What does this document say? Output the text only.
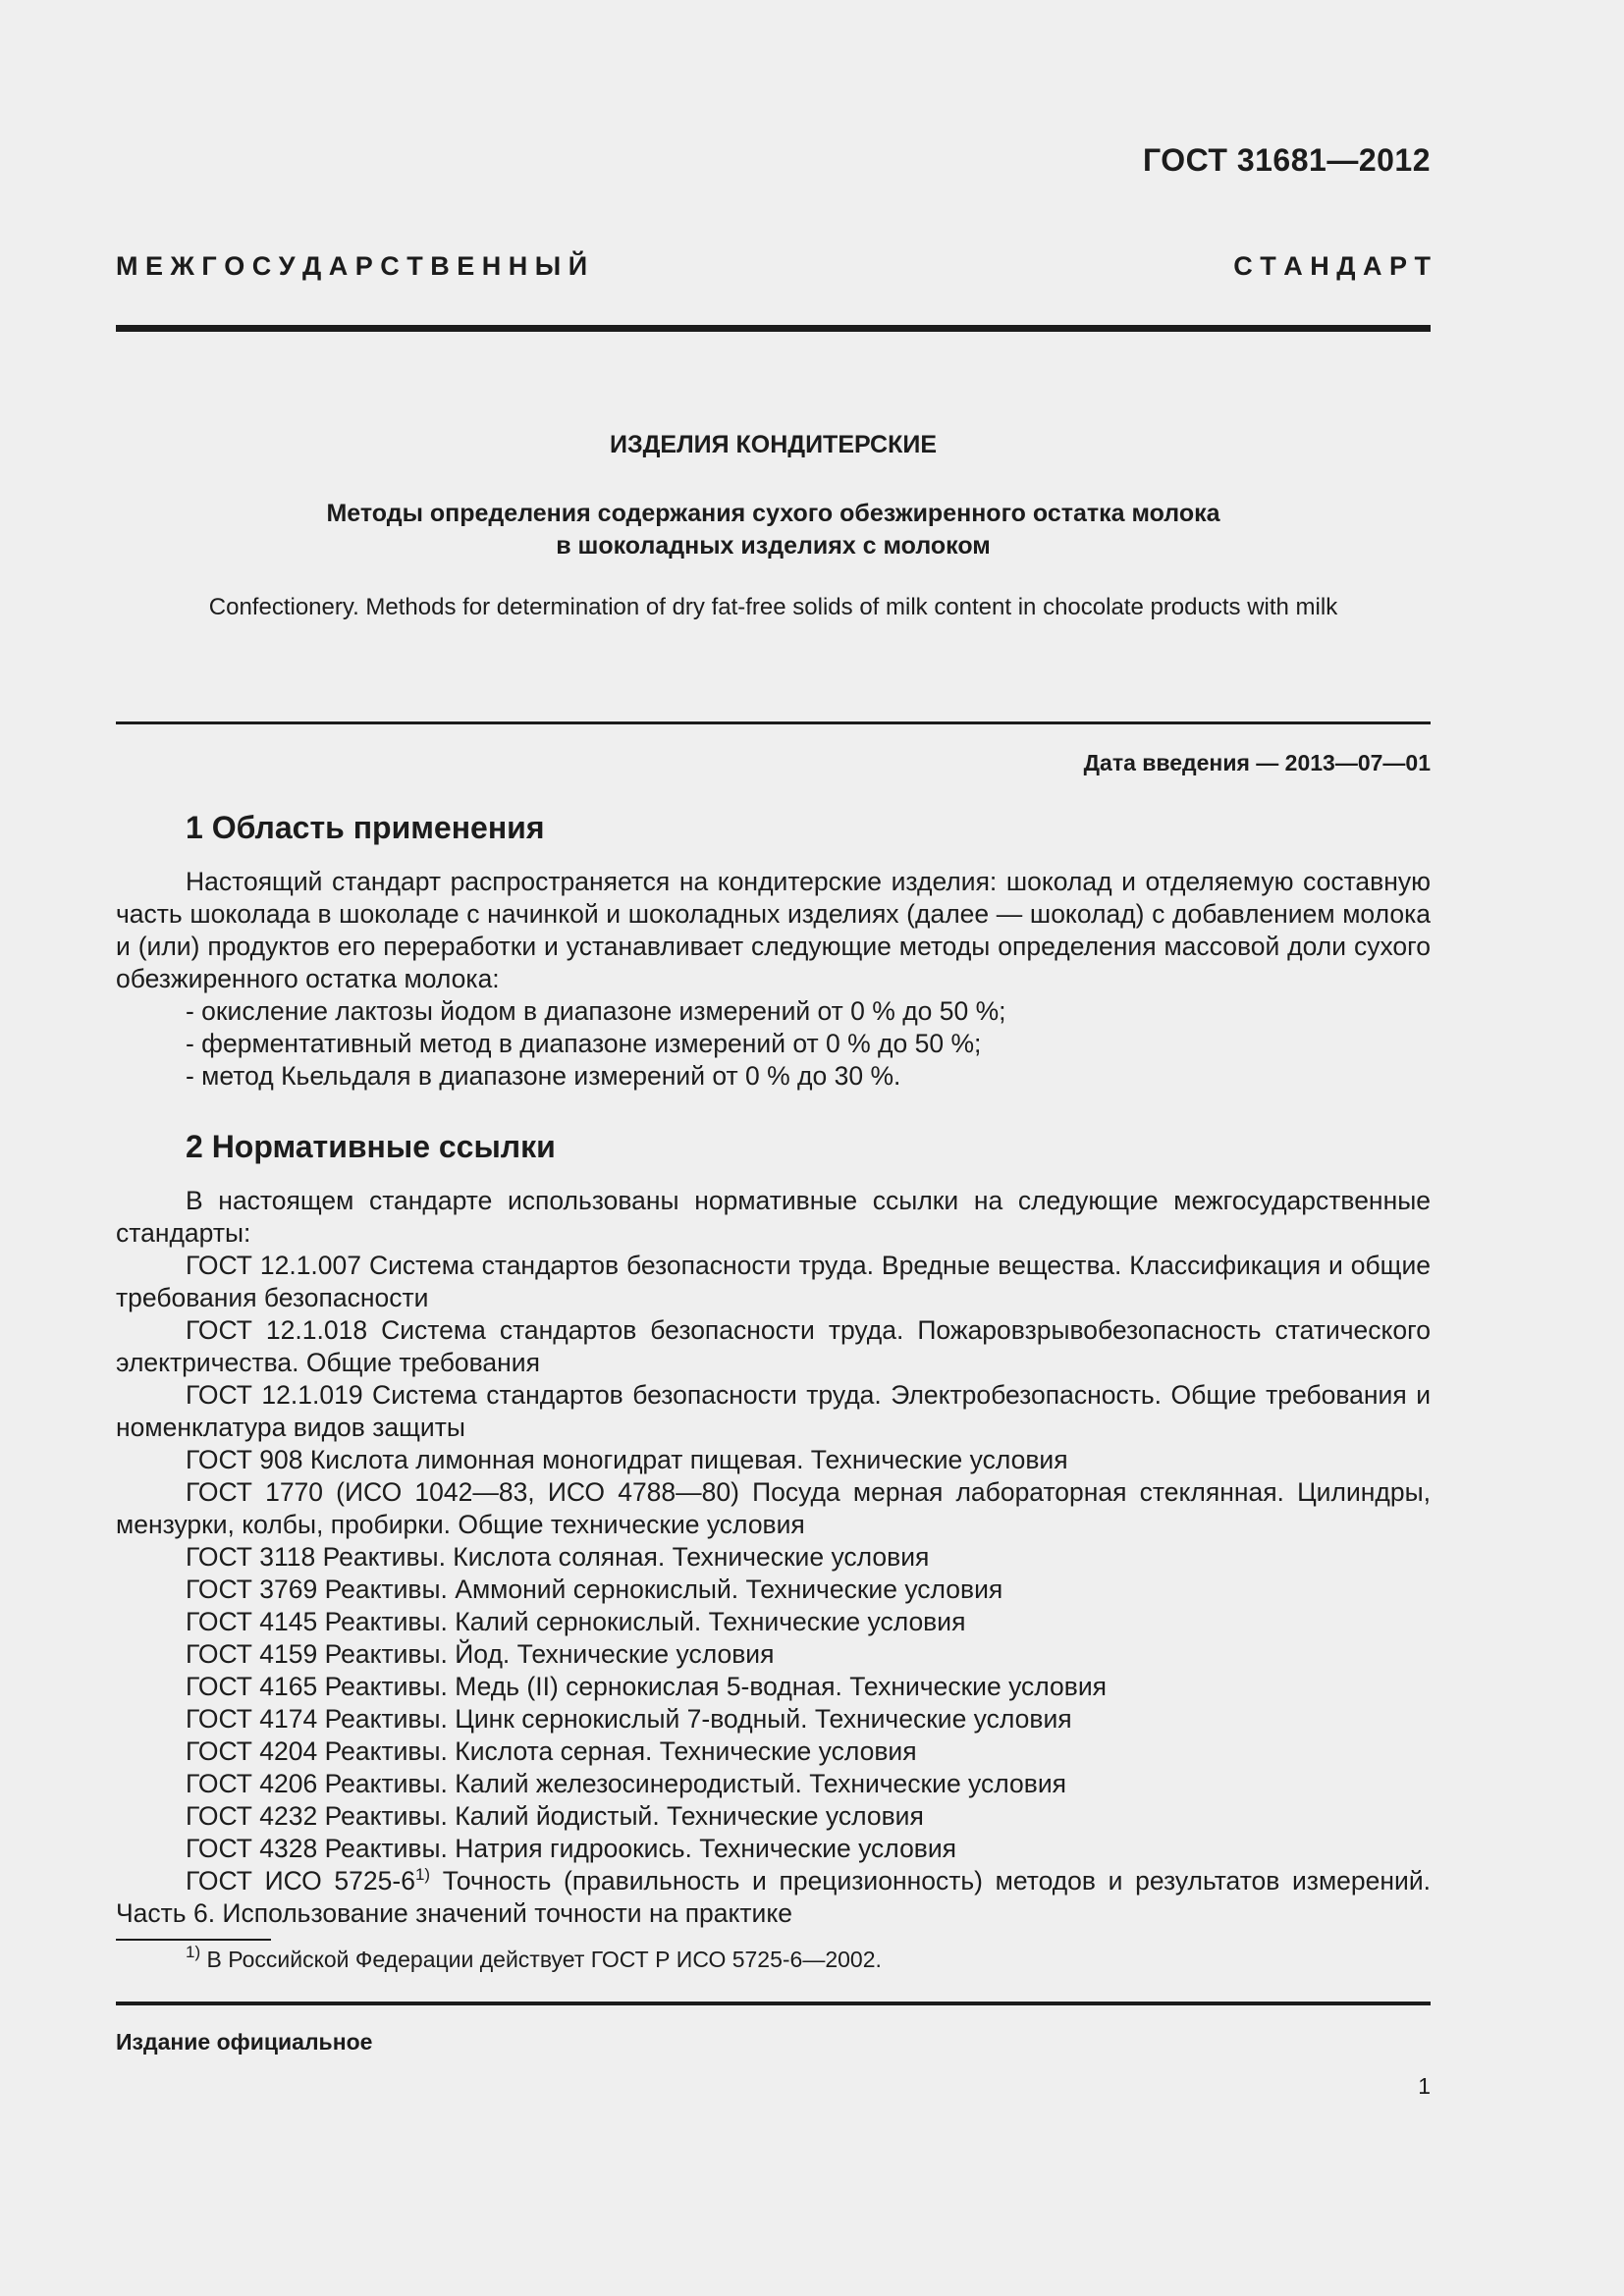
ГОСТ 31681—2012
М Е Ж Г О С У Д А Р С Т В Е Н Н Ы Й	С Т А Н Д А Р Т
ИЗДЕЛИЯ КОНДИТЕРСКИЕ
Методы определения содержания сухого обезжиренного остатка молока
в шоколадных изделиях с молоком
Confectionery. Methods for determination of dry fat-free solids of milk content in chocolate products with milk
Дата введения — 2013—07—01
1 Область применения

Настоящий стандарт распространяется на кондитерские изделия: шоколад и отделяемую составную часть шоколада в шоколаде с начинкой и шоколадных изделиях (далее — шоколад) с добавлением молока и (или) продуктов его переработки и устанавливает следующие методы определения массовой доли сухого обезжиренного остатка молока:

- окисление лактозы йодом в диапазоне измерений от 0 % до 50 %;

- ферментативный метод в диапазоне измерений от 0 % до 50 %;

- метод Кьельдаля в диапазоне измерений от 0 % до 30 %.

2 Нормативные ссылки

В настоящем стандарте использованы нормативные ссылки на следующие межгосударственные стандарты:

ГОСТ 12.1.007 Система стандартов безопасности труда. Вредные вещества. Классификация и общие требования безопасности

ГОСТ 12.1.018 Система стандартов безопасности труда. Пожаровзрывобезопасность статического электричества. Общие требования

ГОСТ 12.1.019 Система стандартов безопасности труда. Электробезопасность. Общие требования и номенклатура видов защиты

ГОСТ 908 Кислота лимонная моногидрат пищевая. Технические условия

ГОСТ 1770 (ИСО 1042—83, ИСО 4788—80) Посуда мерная лабораторная стеклянная. Цилиндры, мензурки, колбы, пробирки. Общие технические условия

ГОСТ 3118 Реактивы. Кислота соляная. Технические условия

ГОСТ 3769 Реактивы. Аммоний сернокислый. Технические условия

ГОСТ 4145 Реактивы. Калий сернокислый. Технические условия

ГОСТ 4159 Реактивы. Йод. Технические условия

ГОСТ 4165 Реактивы. Медь (II) сернокислая 5-водная. Технические условия

ГОСТ 4174 Реактивы. Цинк сернокислый 7-водный. Технические условия

ГОСТ 4204 Реактивы. Кислота серная. Технические условия

ГОСТ 4206 Реактивы. Калий железосинеродистый. Технические условия

ГОСТ 4232 Реактивы. Калий йодистый. Технические условия

ГОСТ 4328 Реактивы. Натрия гидроокись. Технические условия

ГОСТ ИСО 5725-6$^{1)}$ Точность (правильность и прецизионность) методов и результатов измерений. Часть 6. Использование значений точности на практике

$^{1)}$ В Российской Федерации действует ГОСТ Р ИСО 5725-6—2002.
Издание официальное
1
